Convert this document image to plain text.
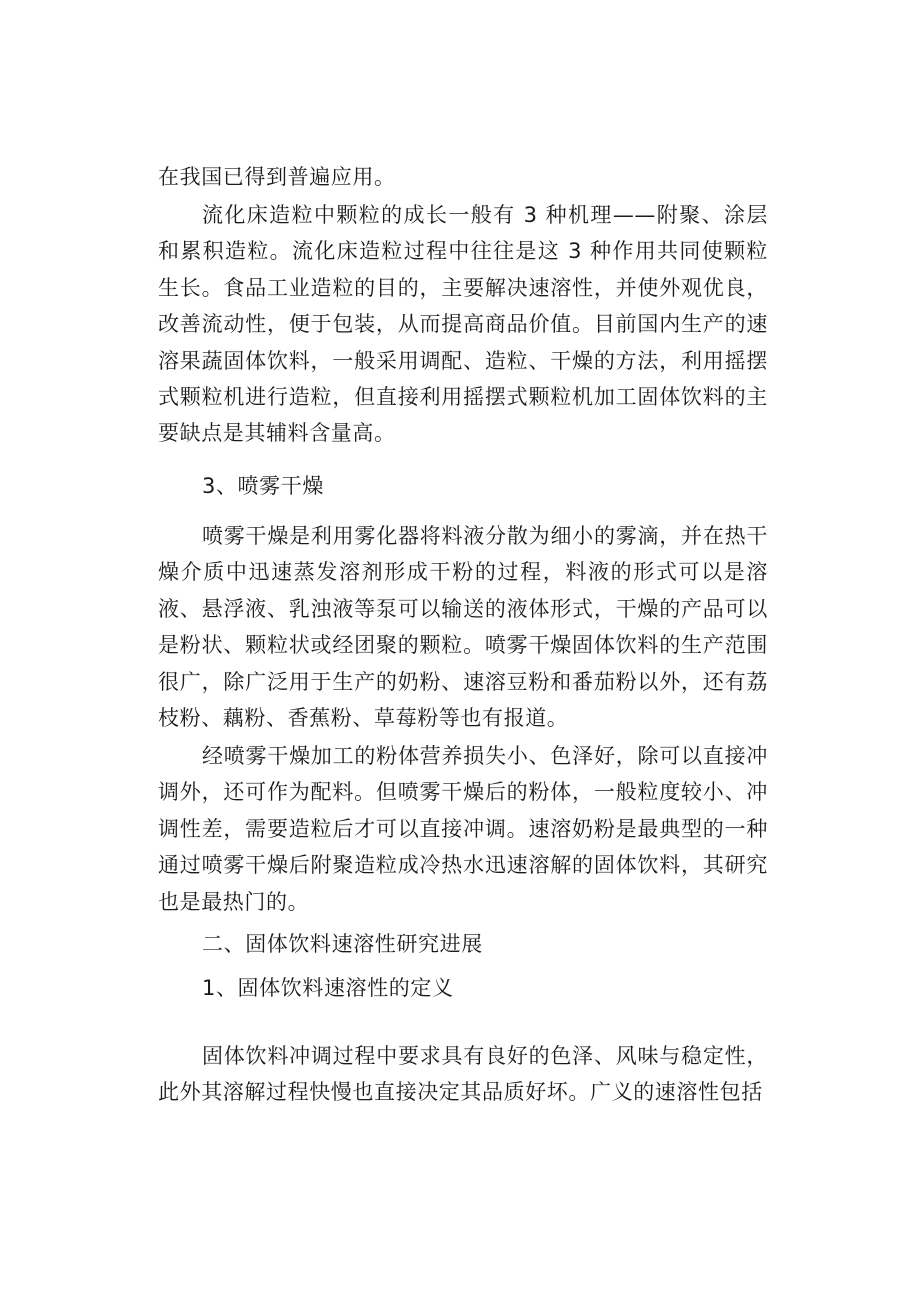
在我国已得到普遍应用。

流化床造粒中颗粒的成长一般有 3 种机理——附聚、涂层和累积造粒。流化床造粒过程中往往是这 3 种作用共同使颗粒生长。食品工业造粒的目的，主要解决速溶性，并使外观优良，改善流动性，便于包装，从而提高商品价值。目前国内生产的速溶果蔬固体饮料，一般采用调配、造粒、干燥的方法，利用摇摆式颗粒机进行造粒，但直接利用摇摆式颗粒机加工固体饮料的主要缺点是其辅料含量高。

3、喷雾干燥

喷雾干燥是利用雾化器将料液分散为细小的雾滴，并在热干燥介质中迅速蒸发溶剂形成干粉的过程，料液的形式可以是溶液、悬浮液、乳浊液等泵可以输送的液体形式，干燥的产品可以是粉状、颗粒状或经团聚的颗粒。喷雾干燥固体饮料的生产范围很广，除广泛用于生产的奶粉、速溶豆粉和番茄粉以外，还有荔枝粉、藕粉、香蕉粉、草莓粉等也有报道。

经喷雾干燥加工的粉体营养损失小、色泽好，除可以直接冲调外，还可作为配料。但喷雾干燥后的粉体，一般粒度较小、冲调性差，需要造粒后才可以直接冲调。速溶奶粉是最典型的一种通过喷雾干燥后附聚造粒成冷热水迅速溶解的固体饮料，其研究也是最热门的。

二、固体饮料速溶性研究进展
1、固体饮料速溶性的定义

固体饮料冲调过程中要求具有良好的色泽、风味与稳定性，此外其溶解过程快慢也直接决定其品质好坏。广义的速溶性包括
